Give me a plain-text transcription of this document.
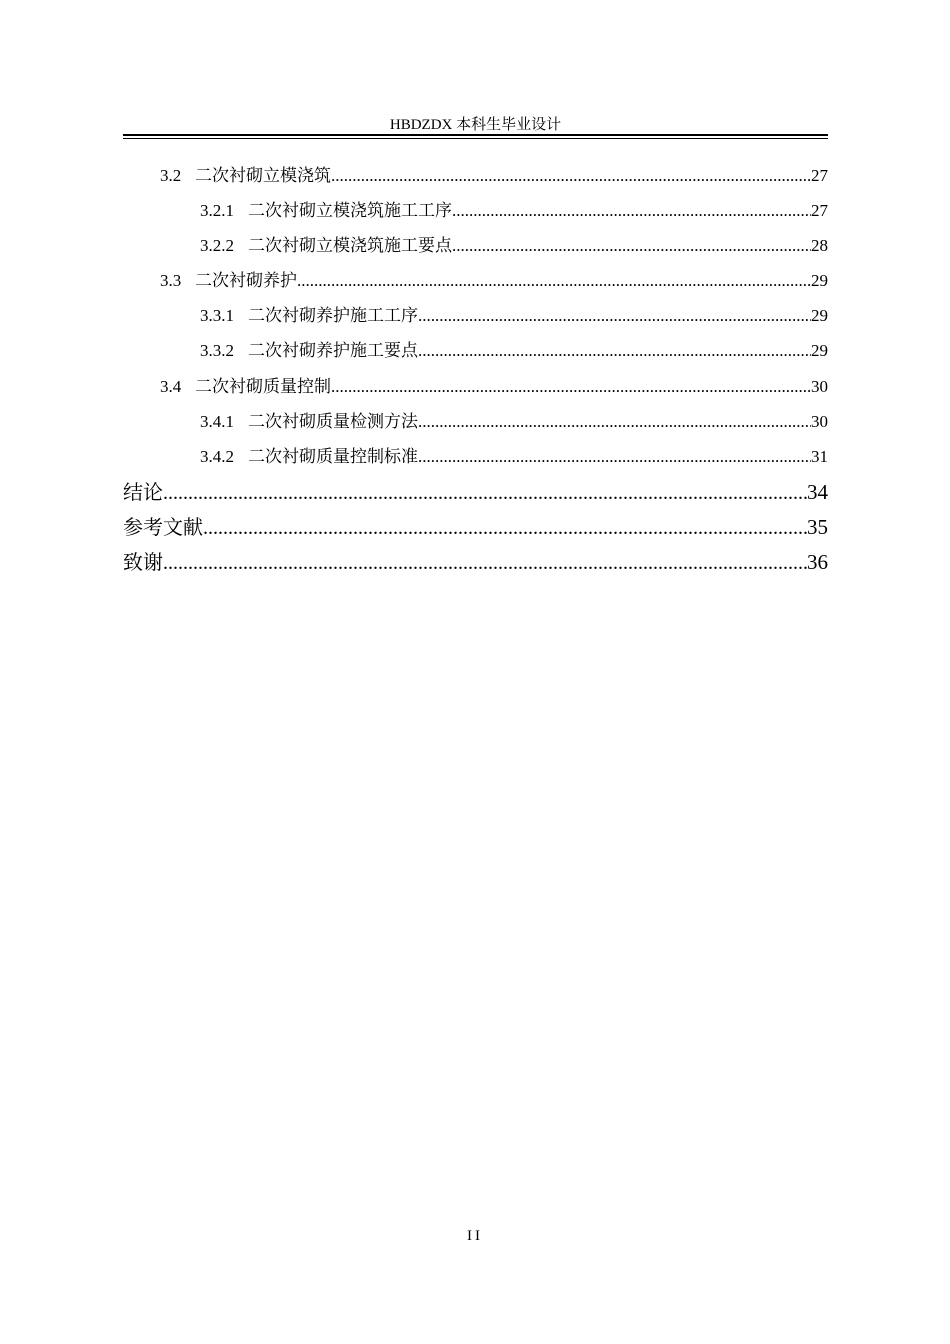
HBDZDX 本科生毕业设计
3.2 二次衬砌立模浇筑 .....	27
3.2.1 二次衬砌立模浇筑施工工序 .....	27
3.2.2 二次衬砌立模浇筑施工要点 .....	28
3.3 二次衬砌养护 .....	29
3.3.1 二次衬砌养护施工工序 .....	29
3.3.2 二次衬砌养护施工要点 .....	29
3.4 二次衬砌质量控制 .....	30
3.4.1 二次衬砌质量检测方法 .....	30
3.4.2 二次衬砌质量控制标准 .....	31
结论 .....	34
参考文献 .....	35
致谢 .....	36
II
